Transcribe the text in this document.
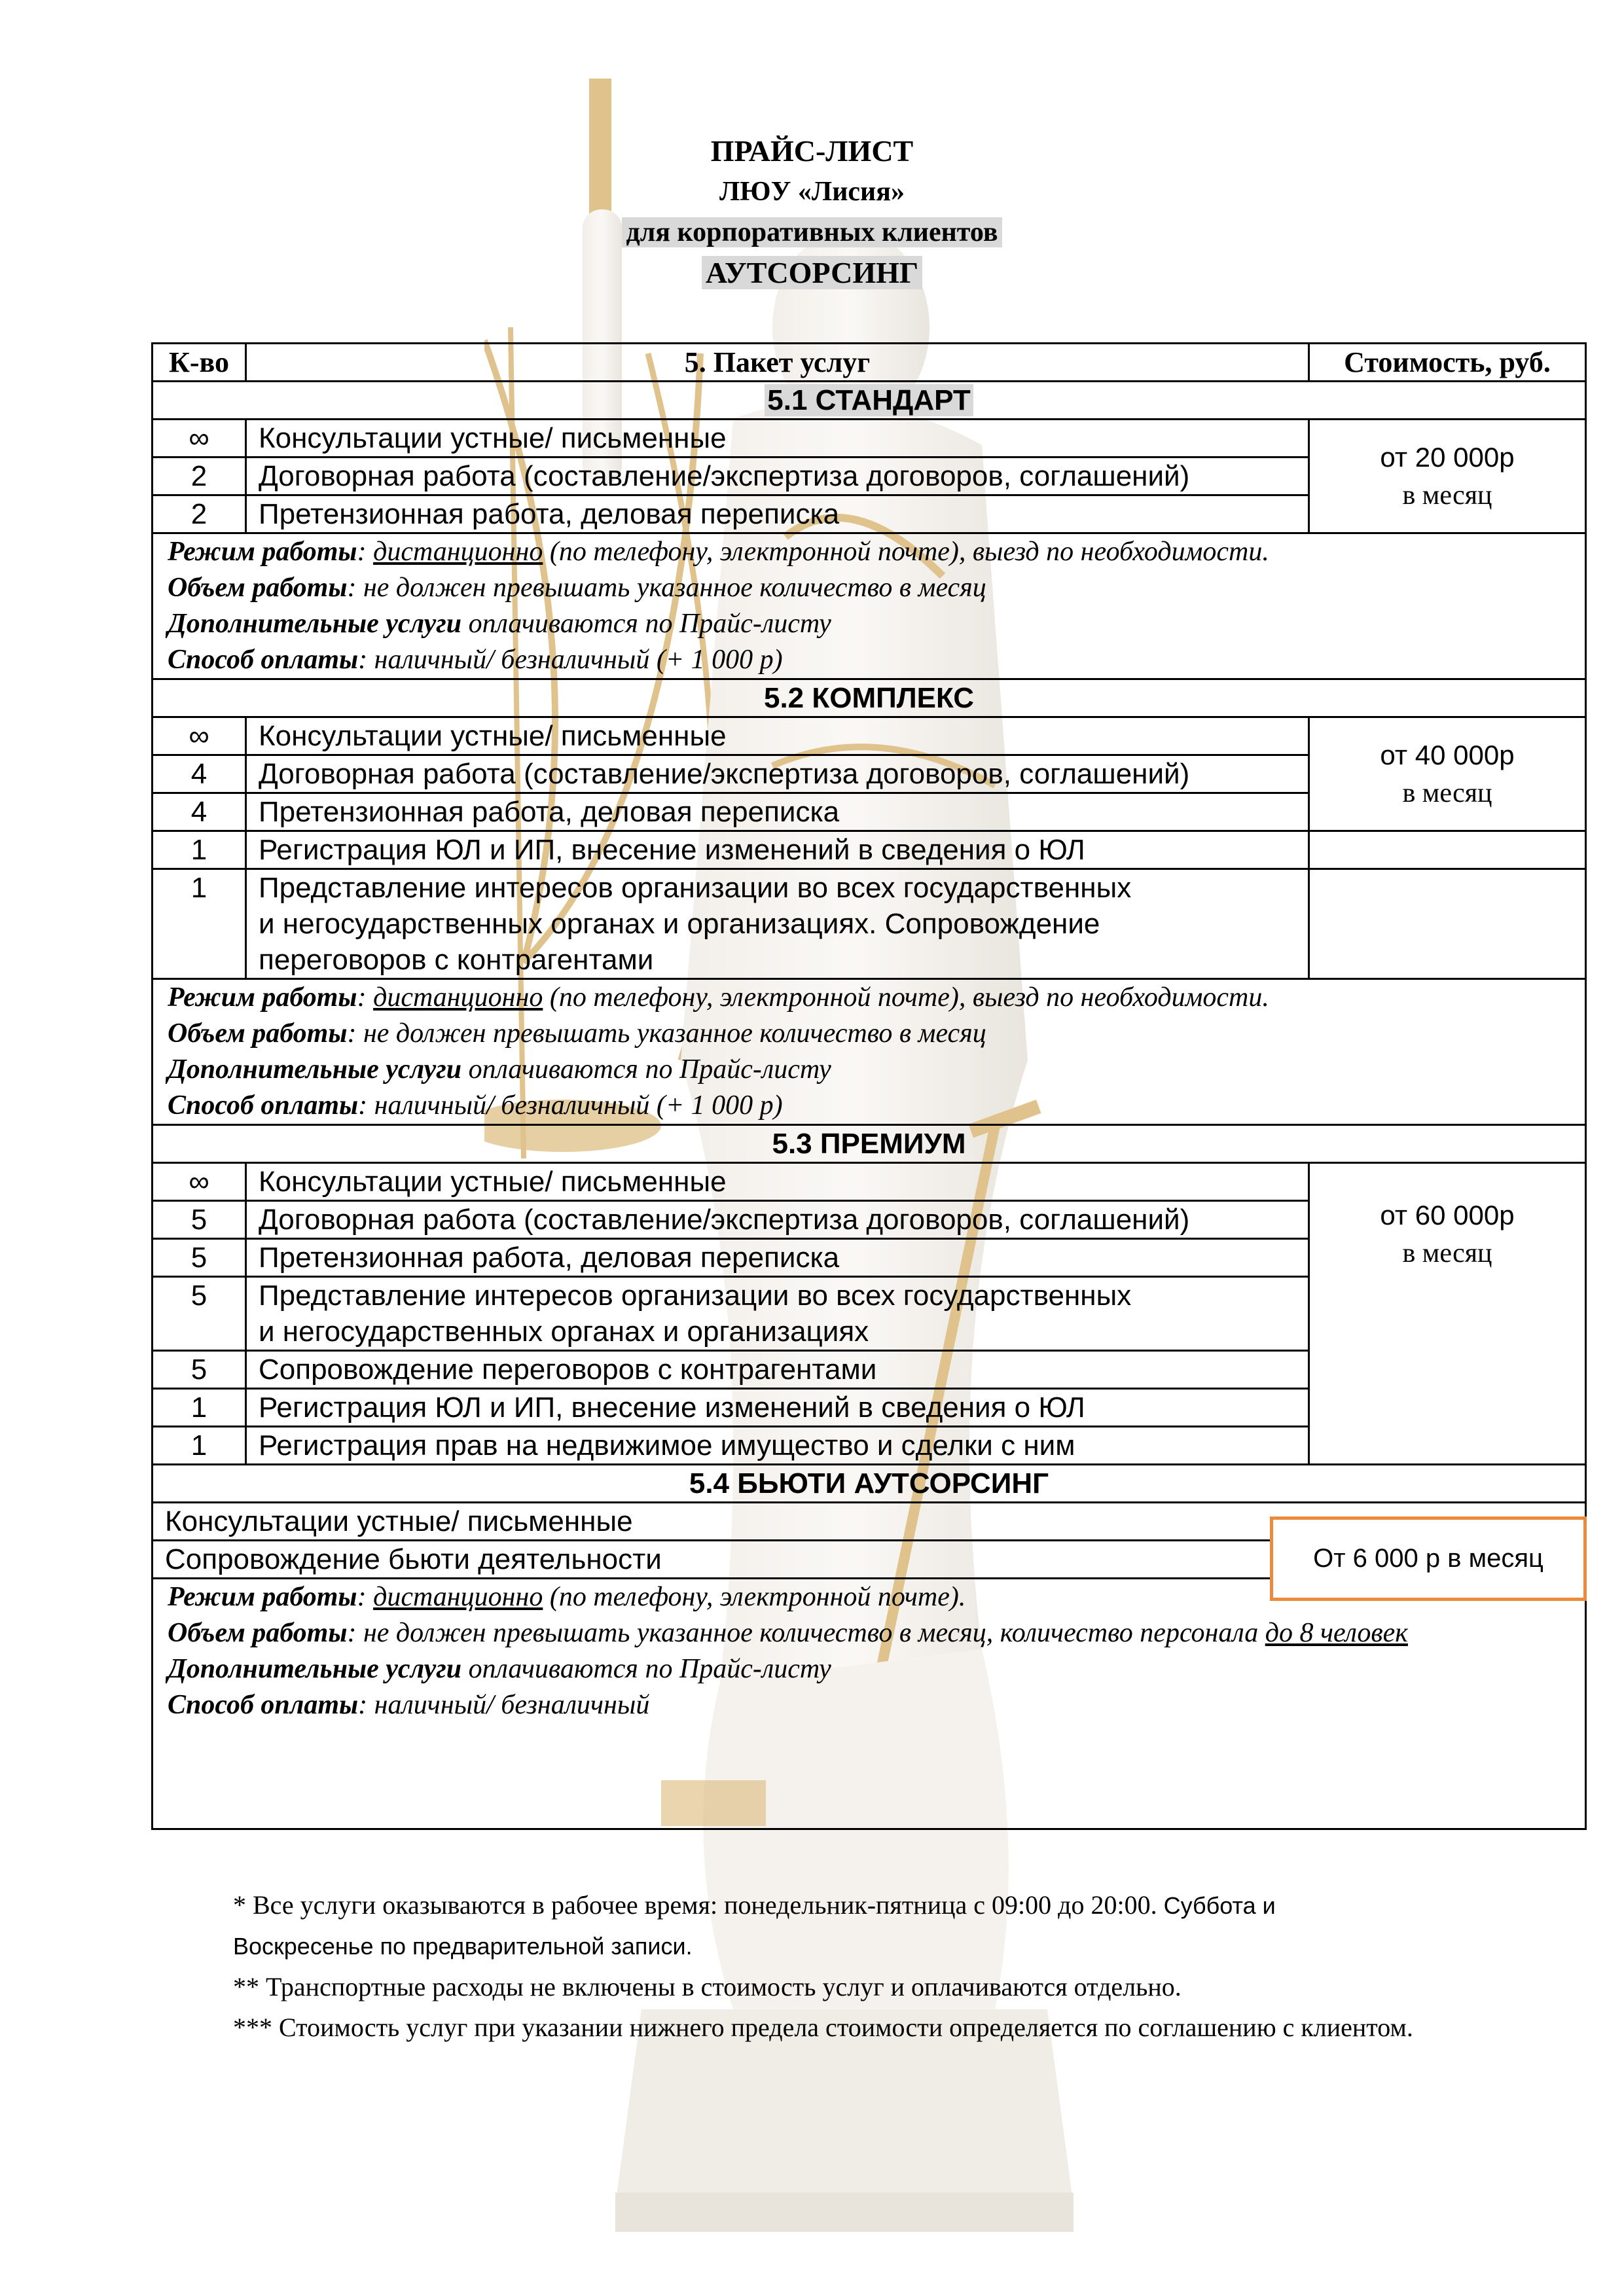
ПРАЙС-ЛИСТ
ЛЮУ «Лисия»
для корпоративных клиентов
АУТСОРСИНГ
К-во	5. Пакет услуг	Стоимость, руб.
5.1 СТАНДАРТ		
∞	Консультации устные/ письменные	от 20 000р
в месяц

2	Договорная работа (составление/экспертиза договоров, соглашений)	
2	Претензионная работа, деловая переписка	

Режим работы: дистанционно (по телефону, электронной почте), выезд по необходимости.
Объем работы: не должен превышать указанное количество в месяц
Дополнительные услуги оплачиваются по Прайс-листу
Способ оплаты: наличный/ безналичный (+ 1 000 р)		

5.2 КОМПЛЕКС		
∞	Консультации устные/ письменные	от 40 000р
в месяц

4	Договорная работа (составление/экспертиза договоров, соглашений)	
4	Претензионная работа, деловая переписка	
1	Регистрация ЮЛ и ИП, внесение изменений в сведения о ЮЛ	
1	Представление интересов организации во всех государственных и негосударственных органах и организациях. Сопровождение переговоров с контрагентами	

Режим работы: дистанционно (по телефону, электронной почте), выезд по необходимости.
Объем работы: не должен превышать указанное количество в месяц
Дополнительные услуги оплачиваются по Прайс-листу
Способ оплаты: наличный/ безналичный (+ 1 000 р)		

5.3 ПРЕМИУМ		
∞	Консультации устные/ письменные	от 60 000р
в месяц

5	Договорная работа (составление/экспертиза договоров, соглашений)	
5	Претензионная работа, деловая переписка	
5	Представление интересов организации во всех государственных и негосударственных органах и организациях	
5	Сопровождение переговоров с контрагентами	
1	Регистрация ЮЛ и ИП, внесение изменений в сведения о ЮЛ	
1	Регистрация прав на недвижимое имущество и сделки с ним	
5.4 БЬЮТИ АУТСОРСИНГ		
Консультации устные/ письменные		
Сопровождение бьюти деятельности		

Режим работы: дистанционно (по телефону, электронной почте).
Объем работы: не должен превышать указанное количество в месяц, количество персонала до 8 человек
Дополнительные услуги оплачиваются по Прайс-листу
Способ оплаты: наличный/ безналичный		
От 6 000 р в месяц

* Все услуги оказываются в рабочее время: понедельник-пятница с 09:00 до 20:00. Суббота и

Воскресенье по предварительной записи.

** Транспортные расходы не включены в стоимость услуг и оплачиваются отдельно.

*** Стоимость услуг при указании нижнего предела стоимости определяется по соглашению с клиентом.
